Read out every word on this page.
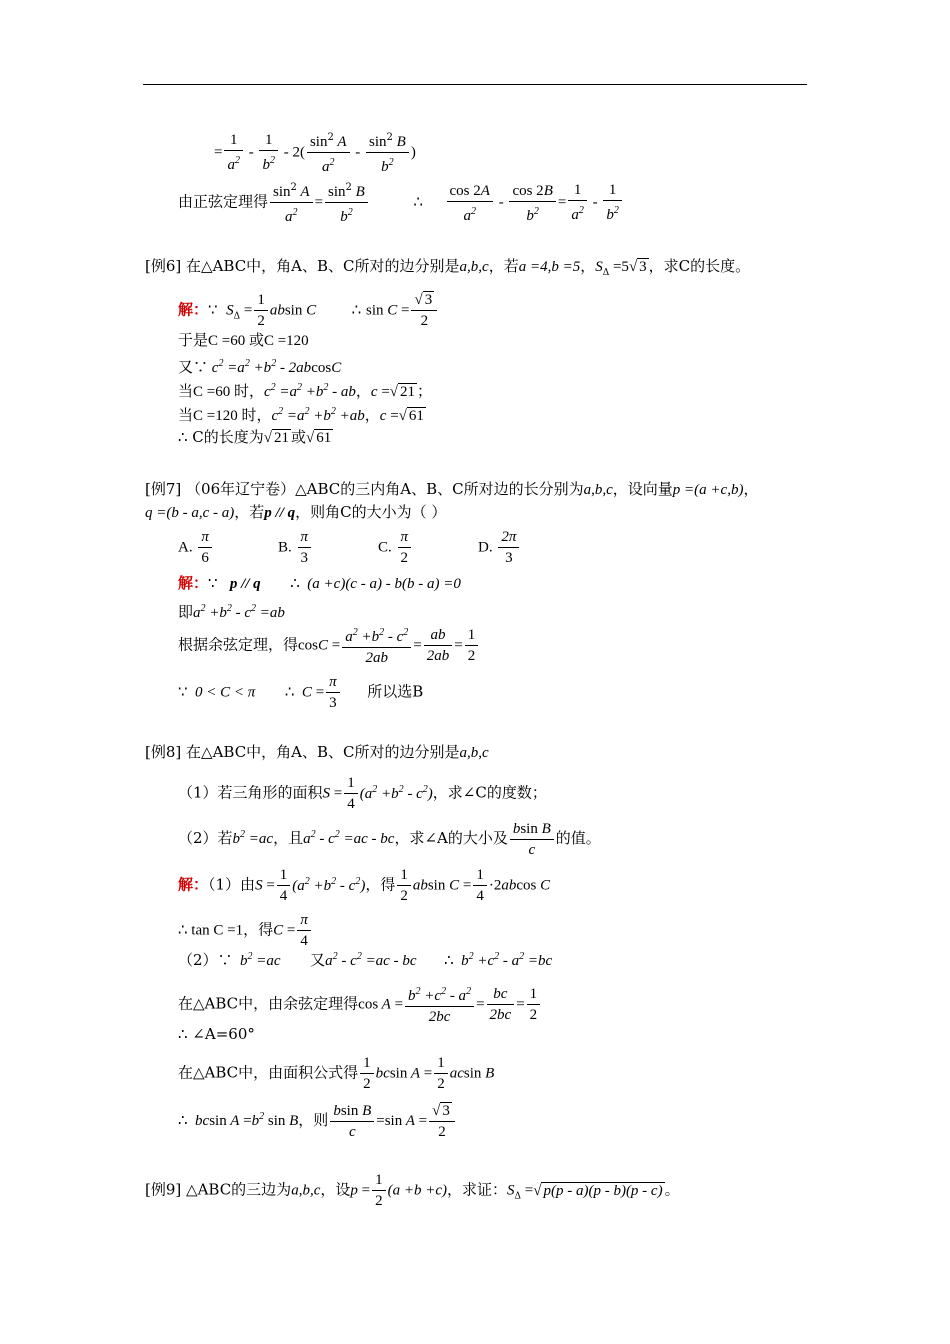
= $\frac{1}{a^2} - \frac{1}{b^2} - 2( \frac{\sin^2 A}{a^2} - \frac{\sin^2 B}{b^2}$ )
由正弦定理得 $\frac{\sin^2 A}{a^2} = \frac{\sin^2 B}{b^2}$	∴ $\frac{\cos 2A}{a^2} - \frac{\cos 2B}{b^2} = \frac{1}{a^2} - \frac{1}{b^2}$
[例6] 在△ABC中，角A、B、C所对的边分别是a,b,c，若a =4,b =5，$S_\Delta =5√$ 3 ，求C的长度。
解：∵  $S_\Delta = \frac{1}{2}$ absin C ∴ $\sin C = \frac{√ 3}{2}$
于是C =60 或C =120
又∵ $c^2 =a^2 +b^2 - 2abcosC$
当C =60 时，$c^2 =a^2 +b^2$ - ab，c =√ 21 ；
当C =120 时，$c^2 =a^2 +b^2 +ab$，c =√ 61
∴ C的长度为√ 21 或√ 61
[例7] （06年辽宁卷）△ABC的三内角A、B、C所对边的长分别为a,b,c，设向量p =(a +c,b)，
q =(b - a,c - a)，若p // q，则角C的大小为（ ）
A. $\frac{\pi}{6}$	B. $\frac{\pi}{3}$	C. $\frac{\pi}{2}$	D. $\frac{2\pi}{3}$
解：∵   p // q ∴ (a +c)(c - a) - b(b - a) =0
即$a^2 +b^2 - c^2 =ab$
根据余弦定理，得$\cos C = \frac{a^2 +b^2 - c^2}{2ab} = \frac{ab}{2ab} = \frac{1}{2}$
∵ 0 < C < π ∴  $C = \frac{\pi}{3}$ 所以选B
[例8] 在△ABC中，角A、B、C所对的边分别是a,b,c
（1）若三角形的面积$S = \frac{1}{4} (a^2 +b^2 - c^2)$，求∠C的度数；
（2）若$b^2 =ac$，且$a^2 - c^2 =ac$ - bc，求∠A的大小及 $\frac{\text{bsin B}}{c}$ 的值。
解：（1）由$S = \frac{1}{4} (a^2 +b^2 - c^2)$，得 $\frac{1}{2}$ absin $C = \frac{1}{4} \cdot 2abcos$ C
∴ tan C =1，得$C = \frac{\pi}{4}$
（2）∵  $b^2 =ac$ 又$a^2 - c^2 =ac$ - bc ∴  $b^2 +c^2 - a^2 =bc$
在△ABC中，由余弦定理得$\cos A = \frac{b^2 +c^2 - a^2}{2bc} = \frac{bc}{2bc} = \frac{1}{2}$
∴ ∠A=60°
在△ABC中，由面积公式得 $\frac{1}{2}$ bcsin $A = \frac{1}{2}$ acsin B
∴  bcsin $A =b^2$ sin B，则 $\frac{\text{bsin B}}{c} =\sin$ $A = \frac{√ 3}{2}$
[例9] △ABC的三边为a,b,c，设$p = \frac{1}{2} (a +b +c)$，求证：$S_\Delta$ =√ p(p - a)(p - b)(p - c) 。
